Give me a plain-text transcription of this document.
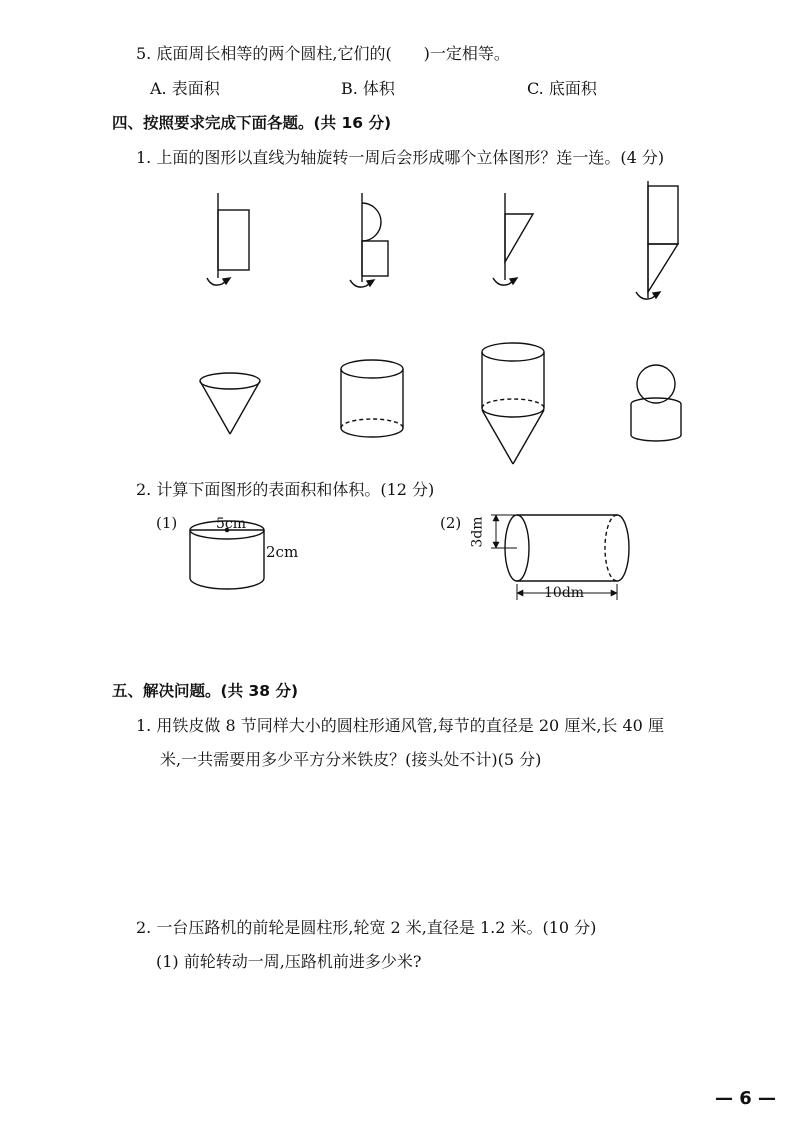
5. 底面周长相等的两个圆柱,它们的(　　)一定相等。
A. 表面积	B. 体积	C. 底面积
四、按照要求完成下面各题。(共 16 分)
1. 上面的图形以直线为轴旋转一周后会形成哪个立体图形？连一连。(4 分)
2. 计算下面图形的表面积和体积。(12 分)
(1)	5cm
2cm
(2) 3dm
10dm
五、解决问题。(共 38 分)
1. 用铁皮做 8 节同样大小的圆柱形通风管,每节的直径是 20 厘米,长 40 厘
米,一共需要用多少平方分米铁皮？(接头处不计)(5 分)
2. 一台压路机的前轮是圆柱形,轮宽 2 米,直径是 1.2 米。(10 分)
(1) 前轮转动一周,压路机前进多少米?
— 6 —
